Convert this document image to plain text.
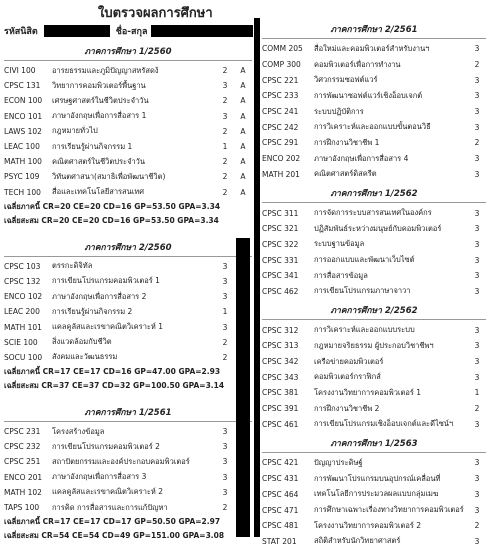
ใบตรวจผลการศึกษา
รหัสนิสิต	ชื่อ-สกุล
ภาคการศึกษา 1/2560
CIVI 100	อารยธรรมและภูมิปัญญาสหรัสดง้	2	A
CPSC 131	วิทยาการคอมพิวเตอร์พื้นฐาน	3	A
ECON 100	เศรษฐศาสตร์ในชีวิตประจำวัน	2	A
ENCO 101	ภาษาอังกฤษเพื่อการสื่อสาร 1	3	A
LAWS 102	กฎหมายทั่วไป	2	A
LEAC 100	การเรียนรู้ผ่านกิจกรรม 1	1	A
MATH 100	คณิตศาสตร์ในชีวิตประจำวัน	2	A
PSYC 109	วิทันตศาสนา(สมาธิเพื่อพัฒนาชีวิต)	2	A
TECH 100	สื่อและเทคโนโลยีสารสนเทศ	2	A
เฉลี่ยภาคนี้ CR=20 CE=20 CD=16 GP=53.50 GPA=3.34
เฉลี่ยสะสม CR=20 CE=20 CD=16 GP=53.50 GPA=3.34
ภาคการศึกษา 2/2560
CPSC 103	ตรรกะดิจิทัล	3
CPSC 132	การเขียนโปรแกรมคอมพิวเตอร์ 1	3
ENCO 102	ภาษาอังกฤษเพื่อการสื่อสาร 2	3
LEAC 200	การเรียนรู้ผ่านกิจกรรม 2	1
MATH 101	แคลคูลัสและเรขาคณิตวิเคราะห์ 1	3
SCIE 100	สิ่งแวดล้อมกับชีวิต	2
SOCU 100	สังคมและวัฒนธรรม	2
เฉลี่ยภาคนี้ CR=17 CE=17 CD=16 GP=47.00 GPA=2.93
เฉลี่ยสะสม CR=37 CE=37 CD=32 GP=100.50 GPA=3.14
ภาคการศึกษา 1/2561
CPSC 231	โครงสร้างข้อมูล	3
CPSC 232	การเขียนโปรแกรมคอมพิวเตอร์ 2	3
CPSC 251	สถาปัตยกรรมและองค์ประกอบคอมพิวเตอร์	3
ENCO 201	ภาษาอังกฤษเพื่อการสื่อสาร 3	3
MATH 102	แคลคูลัสและเรขาคณิตวิเคราะห์ 2	3
TAPS 100	การคิด การสื่อสารและการแก้ปัญหา	2
เฉลี่ยภาคนี้ CR=17 CE=17 CD=17 GP=50.50 GPA=2.97
เฉลี่ยสะสม CR=54 CE=54 CD=49 GP=151.00 GPA=3.08
ภาคการศึกษา 2/2561
COMM 205	สื่อใหม่และคอมพิวเตอร์สำหรับงานฯ	3
COMP 300	คอมพิวเตอร์เพื่อการทำงาน	2
CPSC 221	วิศวกรรมซอฟต์แวร์	3
CPSC 233	การพัฒนาซอฟต์แวร์เชิงอ็อบเจกต์	3
CPSC 241	ระบบปฏิบัติการ	3
CPSC 242	การวิเคราะห์และออกแบบขั้นตอนวิธี	3
CPSC 291	การฝึกงานวิชาชีพ 1	2
ENCO 202	ภาษาอังกฤษเพื่อการสื่อสาร 4	3
MATH 201	คณิตศาสตร์ดิสครีต	3
ภาคการศึกษา 1/2562
CPSC 311	การจัดการระบบสารสนเทศในองค์กร	3
CPSC 321	ปฏิสัมพันธ์ระหว่างมนุษย์กับคอมพิวเตอร์	3
CPSC 322	ระบบฐานข้อมูล	3
CPSC 331	การออกแบบและพัฒนาเว็บไซต์	3
CPSC 341	การสื่อสารข้อมูล	3
CPSC 462	การเขียนโปรแกรมภาษาจาวา	3
ภาคการศึกษา 2/2562
CPSC 312	การวิเคราะห์และออกแบบระบบ	3
CPSC 313	กฎหมายจริยธรรม ผู้ประกอบวิชาชีพฯ	3
CPSC 342	เครือข่ายคอมพิวเตอร์	3
CPSC 343	คอมพิวเตอร์กราฟิกส์	3
CPSC 381	โครงงานวิทยาการคอมพิวเตอร์ 1	1
CPSC 391	การฝึกงานวิชาชีพ 2	2
CPSC 461	การเขียนโปรแกรมเชิงอ็อบเจกต์และดีไซน์ฯ	3
ภาคการศึกษา 1/2563
CPSC 421	ปัญญาประดิษฐ์	3
CPSC 431	การพัฒนาโปรแกรมบนอุปกรณ์เคลื่อนที่	3
CPSC 464	เทคโนโลยีการประมวลผลแบบกลุ่มเมฆ	3
CPSC 471	การศึกษาเฉพาะเรื่องทางวิทยาการคอมพิวเตอร์	3
CPSC 481	โครงงานวิทยาการคอมพิวเตอร์ 2	2
STAT 201	สถิติสำหรับนักวิทยาศาสตร์	3
